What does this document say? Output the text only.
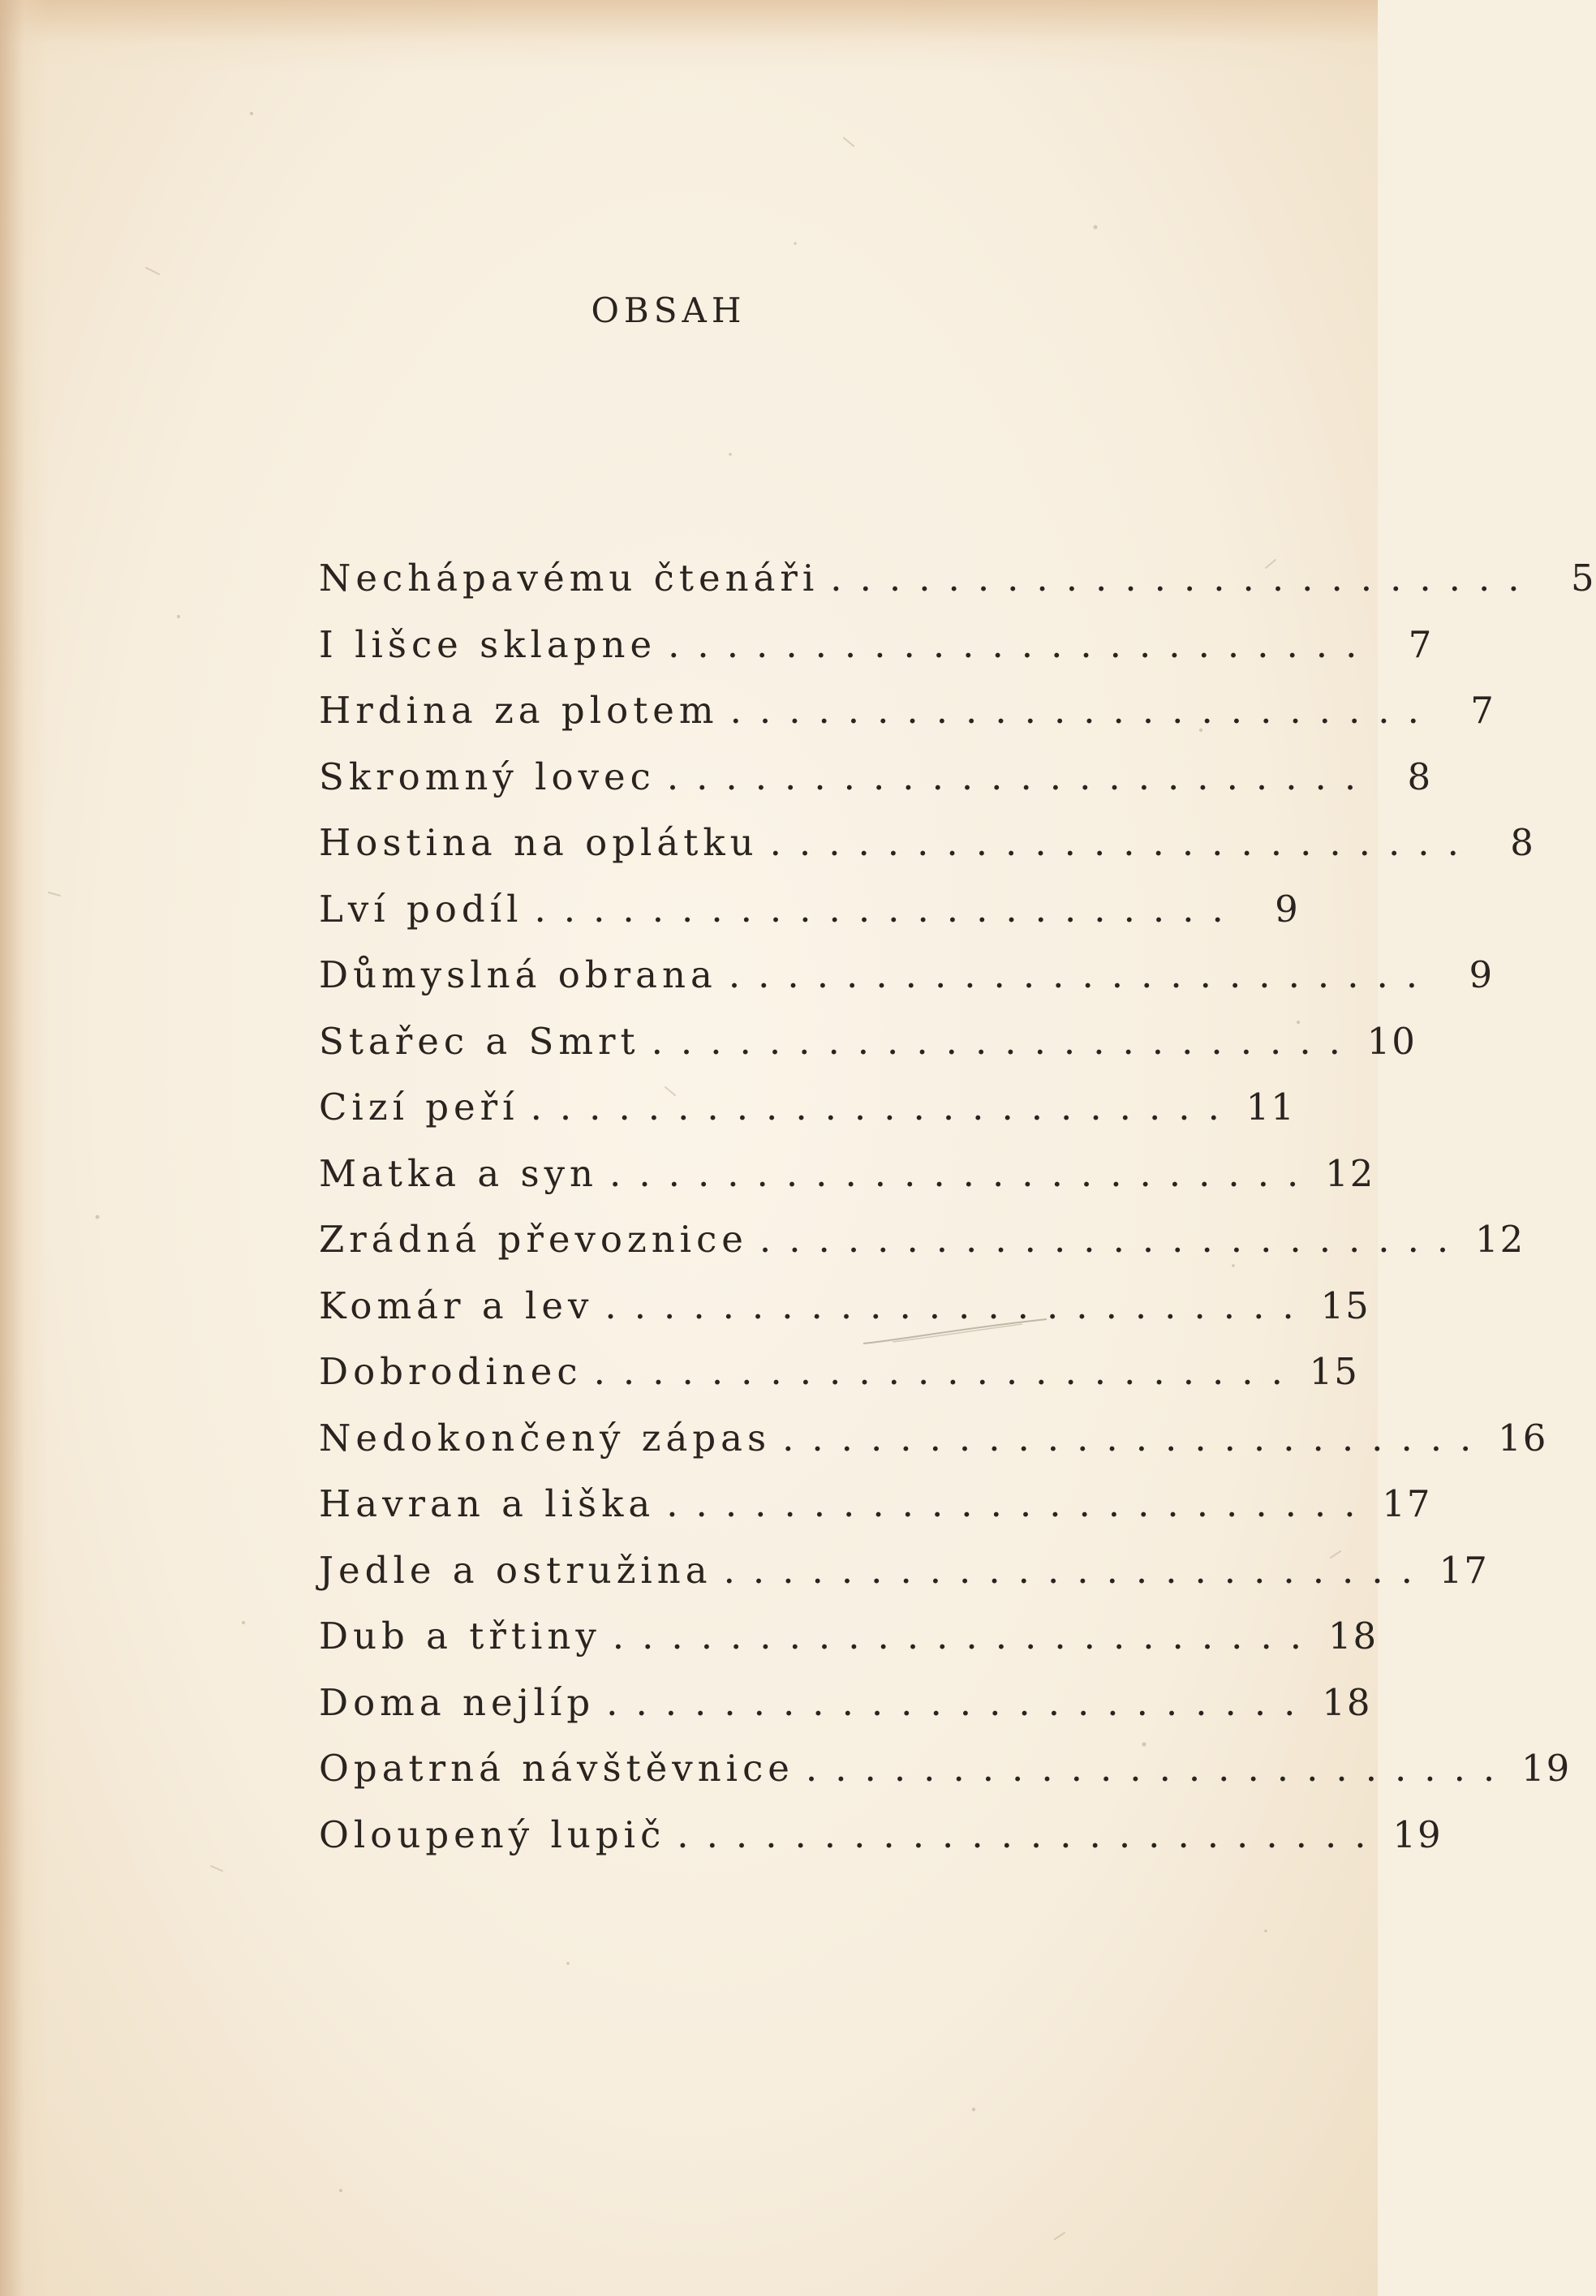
OBSAH
Nechápavému čtenáři ........................ 5
I lišce sklapne ........................ 7
Hrdina za plotem ........................ 7
Skromný lovec ........................ 8
Hostina na oplátku ........................ 8
Lví podíl ........................ 9
Důmyslná obrana ........................ 9
Stařec a Smrt ........................ 10
Cizí peří ........................ 11
Matka a syn ........................ 12
Zrádná převoznice ........................ 12
Komár a lev ........................ 15
Dobrodinec ........................ 15
Nedokončený zápas ........................ 16
Havran a liška ........................ 17
Jedle a ostružina ........................ 17
Dub a třtiny ........................ 18
Doma nejlíp ........................ 18
Opatrná návštěvnice ........................ 19
Oloupený lupič ........................ 19
